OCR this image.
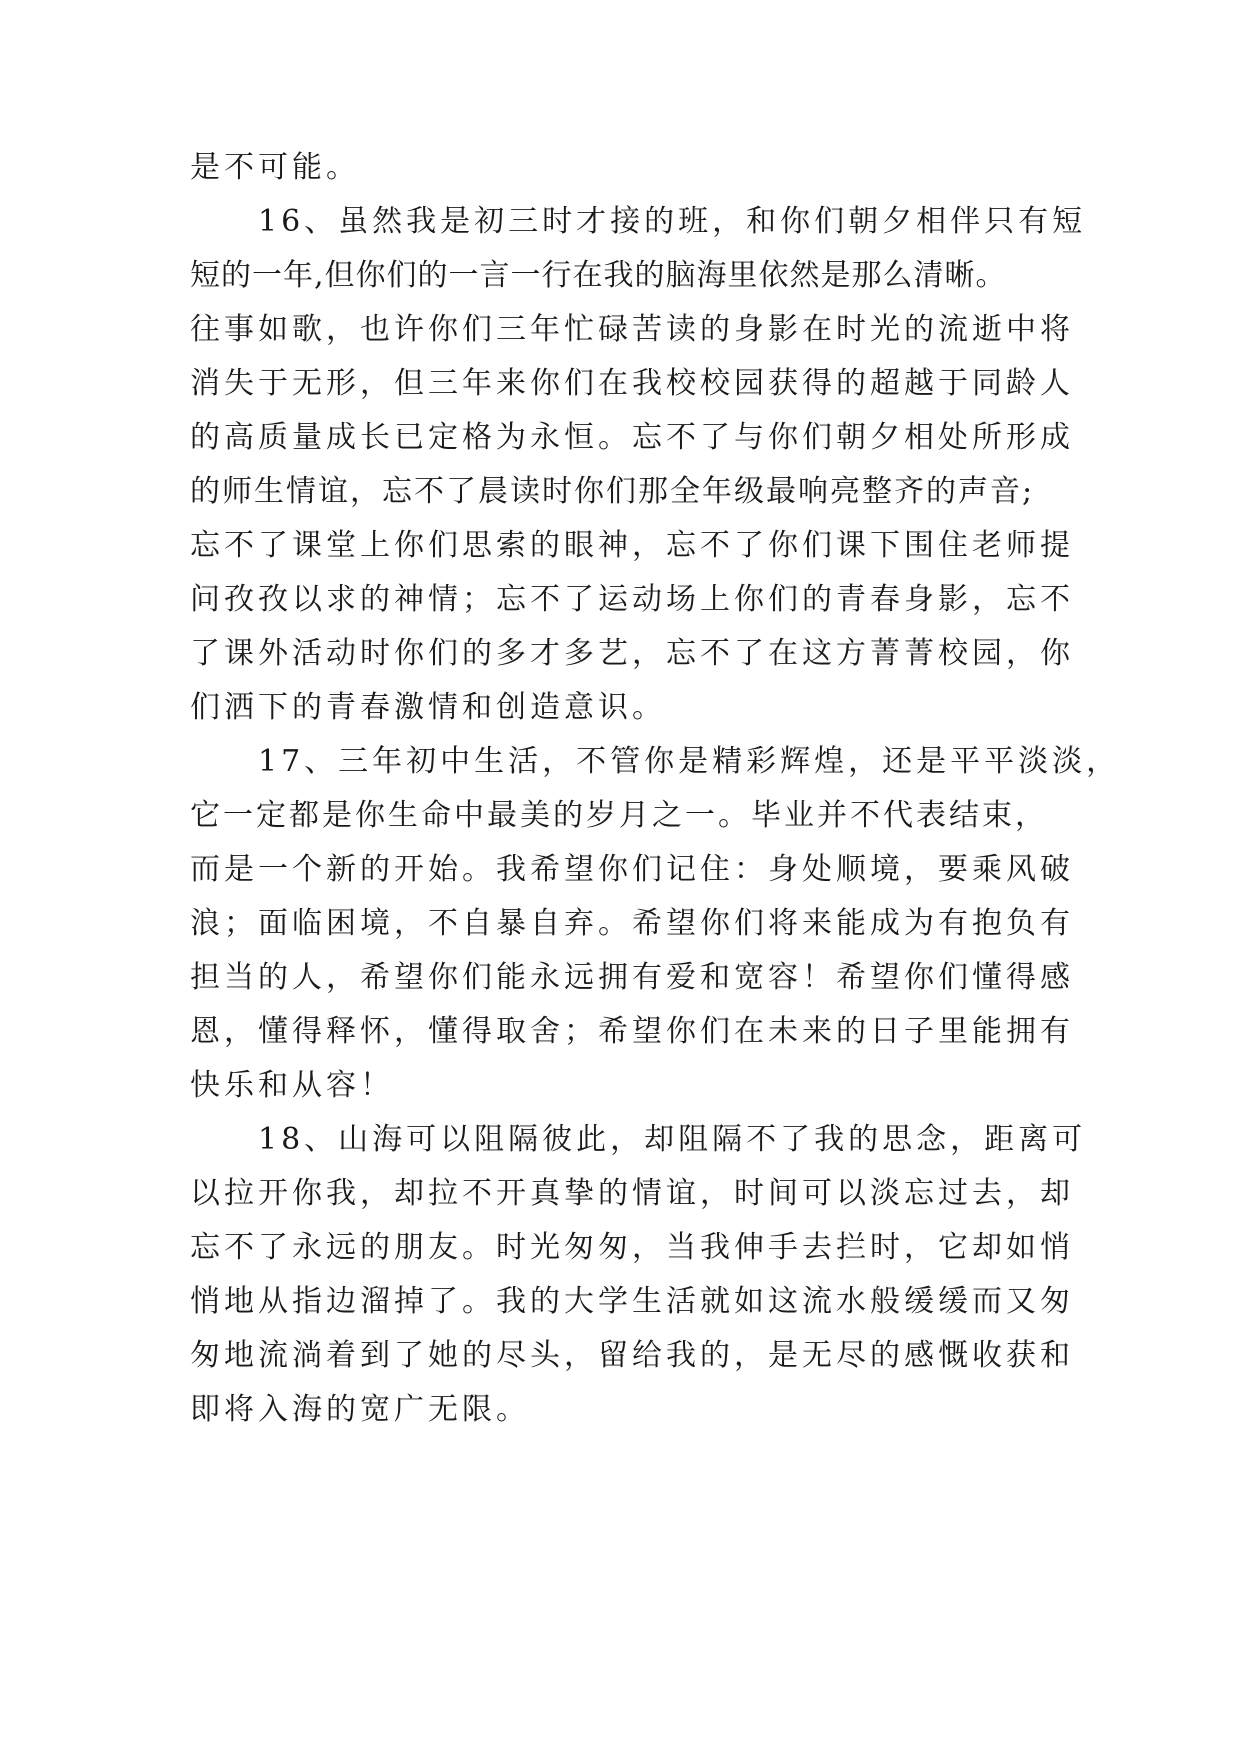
是不可能。
16、虽然我是初三时才接的班，和你们朝夕相伴只有短
短的一年,但你们的一言一行在我的脑海里依然是那么清晰。
往事如歌，也许你们三年忙碌苦读的身影在时光的流逝中将
消失于无形，但三年来你们在我校校园获得的超越于同龄人
的高质量成长已定格为永恒。忘不了与你们朝夕相处所形成
的师生情谊，忘不了晨读时你们那全年级最响亮整齐的声音;
忘不了课堂上你们思索的眼神，忘不了你们课下围住老师提
问孜孜以求的神情；忘不了运动场上你们的青春身影，忘不
了课外活动时你们的多才多艺，忘不了在这方菁菁校园，你
们洒下的青春激情和创造意识。
17、三年初中生活，不管你是精彩辉煌，还是平平淡淡，
它一定都是你生命中最美的岁月之一。毕业并不代表结束，
而是一个新的开始。我希望你们记住：身处顺境，要乘风破
浪；面临困境，不自暴自弃。希望你们将来能成为有抱负有
担当的人，希望你们能永远拥有爱和宽容！希望你们懂得感
恩，懂得释怀，懂得取舍；希望你们在未来的日子里能拥有
快乐和从容！
18、山海可以阻隔彼此，却阻隔不了我的思念，距离可
以拉开你我，却拉不开真挚的情谊，时间可以淡忘过去，却
忘不了永远的朋友。时光匆匆，当我伸手去拦时，它却如悄
悄地从指边溜掉了。我的大学生活就如这流水般缓缓而又匆
匆地流淌着到了她的尽头，留给我的，是无尽的感慨收获和
即将入海的宽广无限。
